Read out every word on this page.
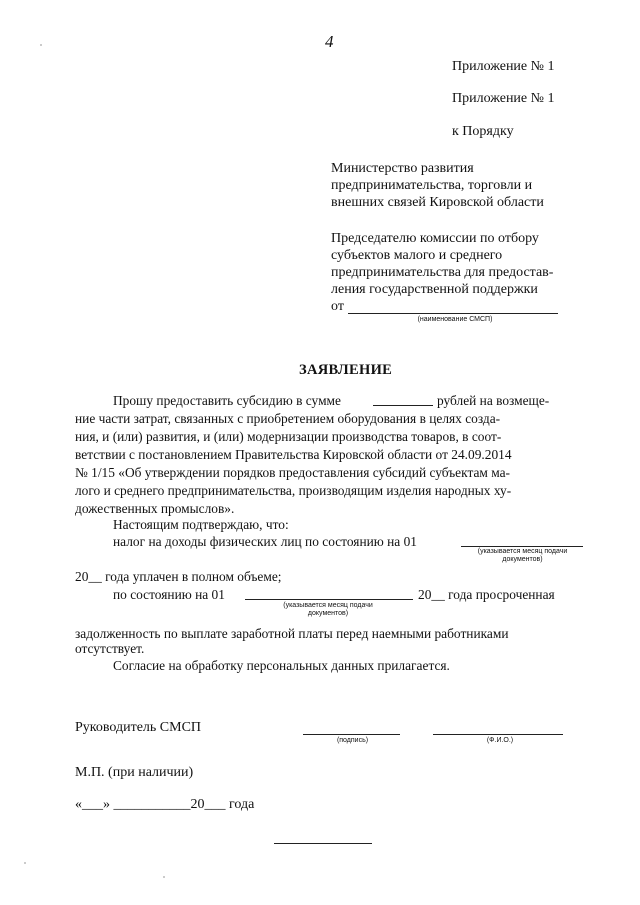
4
Приложение № 1
Приложение № 1
к Порядку
Министерство развития
предпринимательства, торговли и
внешних связей Кировской области
Председателю комиссии по отбору
субъектов малого и среднего
предпринимательства для предостав-
ления государственной поддержки
от
(наименование СМСП)
ЗАЯВЛЕНИЕ
Прошу предоставить субсидию в сумме	рублей на возмеще-
ние части затрат, связанных с приобретением оборудования в целях созда-
ния, и (или) развития, и (или) модернизации производства товаров, в соот-
ветствии с постановлением Правительства Кировской области от 24.09.2014
№ 1/15 «Об утверждении порядков предоставления субсидий субъектам ма-
лого и среднего предпринимательства, производящим изделия народных ху-
дожественных промыслов».
Настоящим подтверждаю, что:
налог на доходы физических лиц по состоянию на 01
(указывается месяц подачи документов)
20__ года уплачен в полном объеме;
по состоянию на 01	20__ года просроченная
(указывается месяц подачи документов)
задолженность по выплате заработной платы перед наемными работниками
отсутствует.
Согласие на обработку персональных данных прилагается.
Руководитель СМСП
(подпись)	(Ф.И.О.)
М.П. (при наличии)
«___» ___________20___ года
